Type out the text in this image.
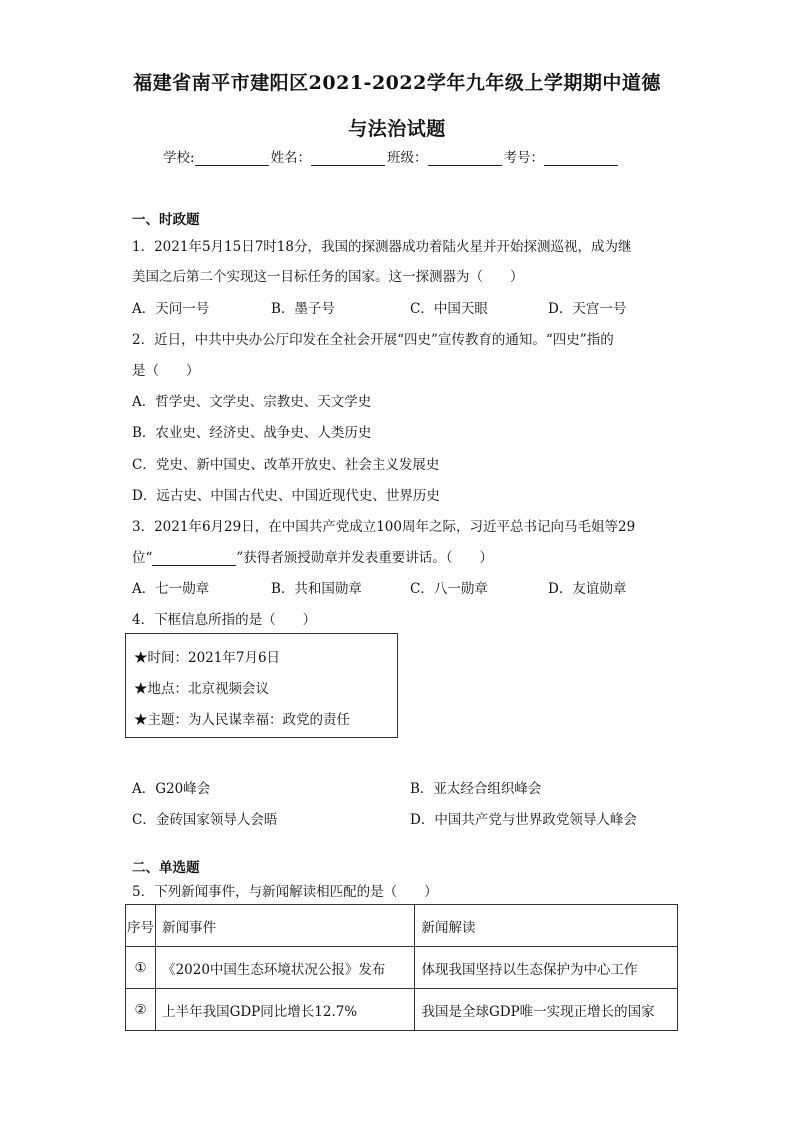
福建省南平市建阳区2021-2022学年九年级上学期期中道德
与法治试题
学校:	姓名：	班级：	考号：
一、时政题
1．2021年5月15日7时18分，我国的探测器成功着陆火星并开始探测巡视，成为继
美国之后第二个实现这一目标任务的国家。这一探测器为（　　）
A．天问一号	B．墨子号	C．中国天眼	D．天宫一号
2．近日，中共中央办公厅印发在全社会开展“四史”宣传教育的通知。“四史”指的
是（　　）
A．哲学史、文学史、宗教史、天文学史
B．农业史、经济史、战争史、人类历史
C．党史、新中国史、改革开放史、社会主义发展史
D．远古史、中国古代史、中国近现代史、世界历史
3．2021年6月29日，在中国共产党成立100周年之际，习近平总书记向马毛姐等29
位“	”获得者颁授勋章并发表重要讲话。（　　）
A．七一勋章	B．共和国勋章	C．八一勋章	D．友谊勋章
4．下框信息所指的是（　　）
★时间：2021年7月6日
★地点：北京视频会议
★主题：为人民谋幸福：政党的责任
A．G20峰会	B．亚太经合组织峰会
C．金砖国家领导人会晤	D．中国共产党与世界政党领导人峰会
二、单选题
5．下列新闻事件，与新闻解读相匹配的是（　　）
序号	新闻事件	新闻解读
①	《2020中国生态环境状况公报》发布	体现我国坚持以生态保护为中心工作
②	上半年我国GDP同比增长12.7%	我国是全球GDP唯一实现正增长的国家
